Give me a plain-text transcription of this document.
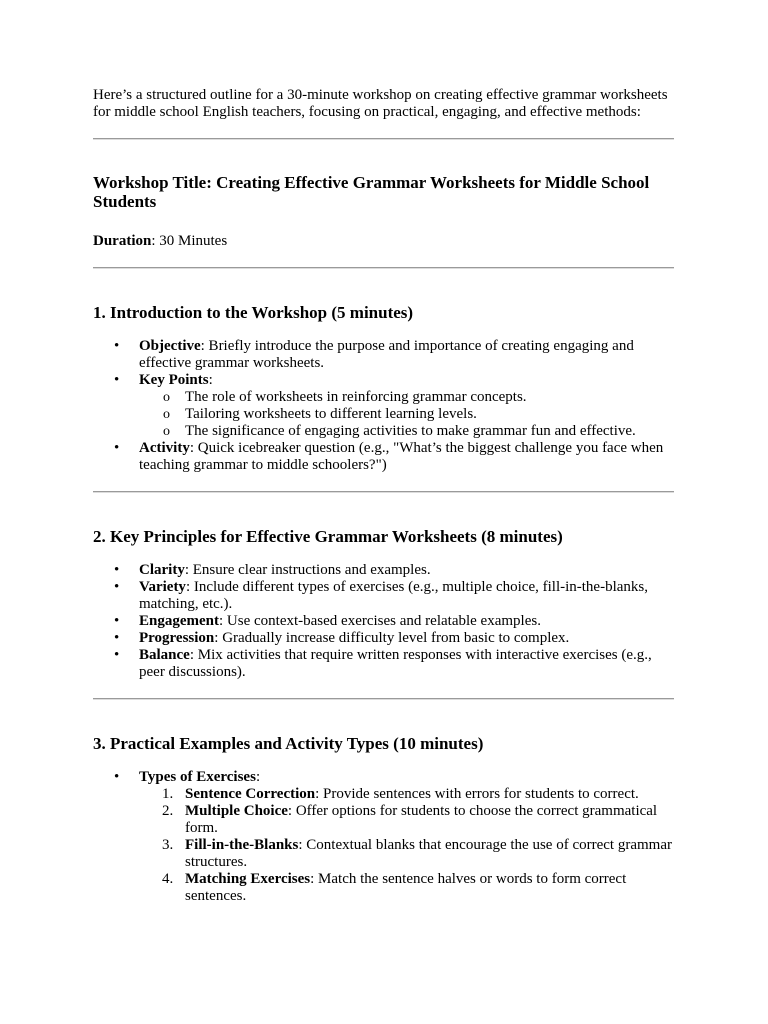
Here’s a structured outline for a 30-minute workshop on creating effective grammar worksheets for middle school English teachers, focusing on practical, engaging, and effective methods:

Workshop Title: Creating Effective Grammar Worksheets for Middle School Students

Duration: 30 Minutes

1. Introduction to the Workshop (5 minutes)
• Objective: Briefly introduce the purpose and importance of creating engaging and effective grammar worksheets.
• Key Points:
o The role of worksheets in reinforcing grammar concepts.
o Tailoring worksheets to different learning levels.
o The significance of engaging activities to make grammar fun and effective.
• Activity: Quick icebreaker question (e.g., "What’s the biggest challenge you face when teaching grammar to middle schoolers?")
2. Key Principles for Effective Grammar Worksheets (8 minutes)
• Clarity: Ensure clear instructions and examples.
• Variety: Include different types of exercises (e.g., multiple choice, fill-in-the-blanks, matching, etc.).
• Engagement: Use context-based exercises and relatable examples.
• Progression: Gradually increase difficulty level from basic to complex.
• Balance: Mix activities that require written responses with interactive exercises (e.g., peer discussions).
3. Practical Examples and Activity Types (10 minutes)
• Types of Exercises:
1. Sentence Correction: Provide sentences with errors for students to correct.
2. Multiple Choice: Offer options for students to choose the correct grammatical form.
3. Fill-in-the-Blanks: Contextual blanks that encourage the use of correct grammar structures.
4. Matching Exercises: Match the sentence halves or words to form correct sentences.
